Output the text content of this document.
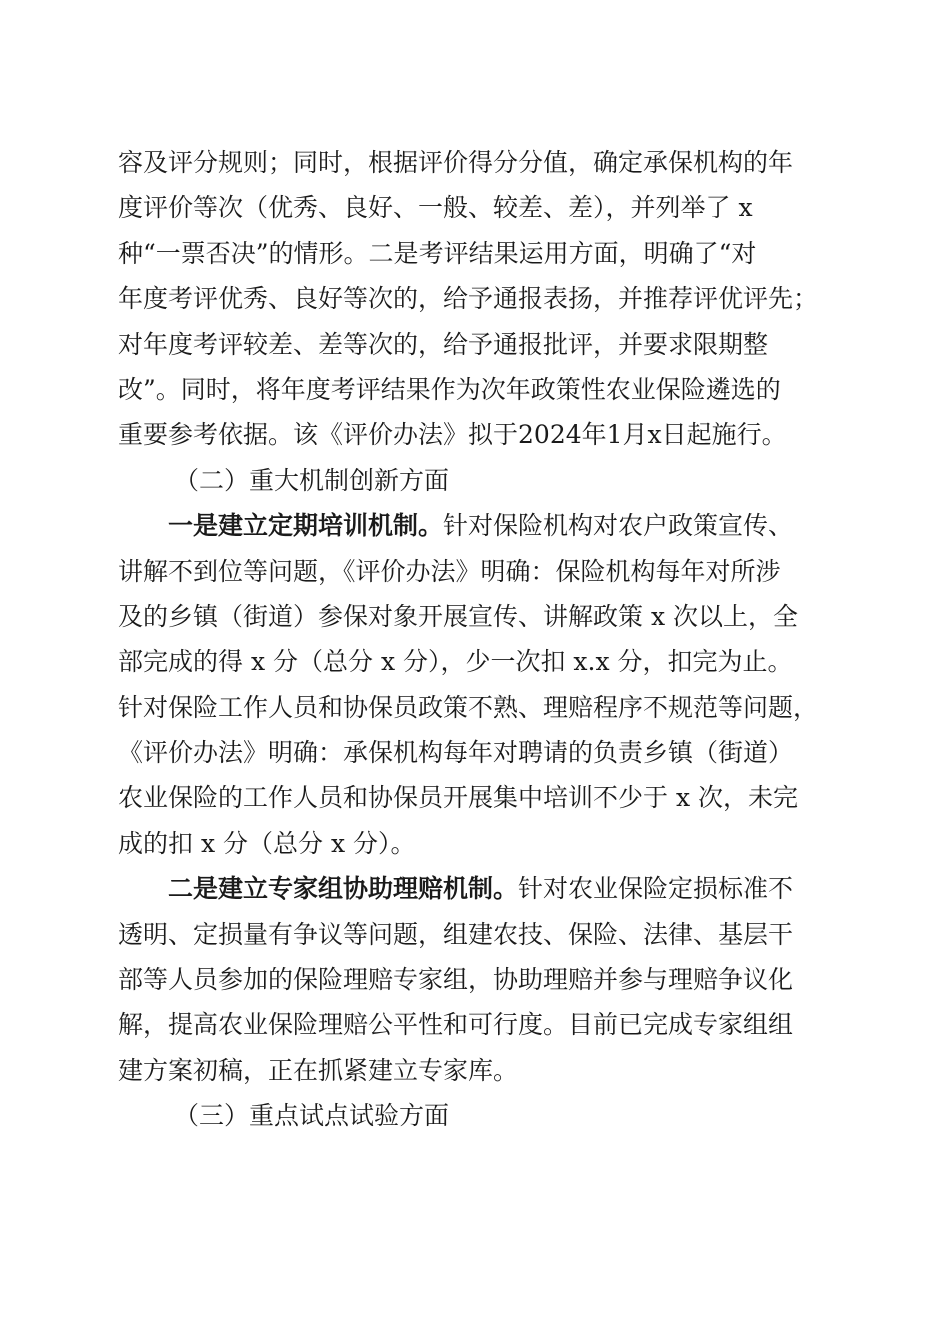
容及评分规则；同时，根据评价得分分值，确定承保机构的年
度评价等次（优秀、良好、一般、较差、差），并列举了 x
种“一票否决”的情形。二是考评结果运用方面，明确了“对
年度考评优秀、良好等次的，给予通报表扬，并推荐评优评先；
对年度考评较差、差等次的，给予通报批评，并要求限期整
改”。同时，将年度考评结果作为次年政策性农业保险遴选的
重要参考依据。该《评价办法》拟于2024年1月x日起施行。
（二）重大机制创新方面
一是建立定期培训机制。针对保险机构对农户政策宣传、
讲解不到位等问题，《评价办法》明确：保险机构每年对所涉
及的乡镇（街道）参保对象开展宣传、讲解政策 x 次以上，全
部完成的得 x 分（总分 x 分），少一次扣 x.x 分，扣完为止。
针对保险工作人员和协保员政策不熟、理赔程序不规范等问题，
《评价办法》明确：承保机构每年对聘请的负责乡镇（街道）
农业保险的工作人员和协保员开展集中培训不少于 x 次，未完
成的扣 x 分（总分 x 分）。
二是建立专家组协助理赔机制。针对农业保险定损标准不
透明、定损量有争议等问题，组建农技、保险、法律、基层干
部等人员参加的保险理赔专家组，协助理赔并参与理赔争议化
解，提高农业保险理赔公平性和可行度。目前已完成专家组组
建方案初稿，正在抓紧建立专家库。
（三）重点试点试验方面
